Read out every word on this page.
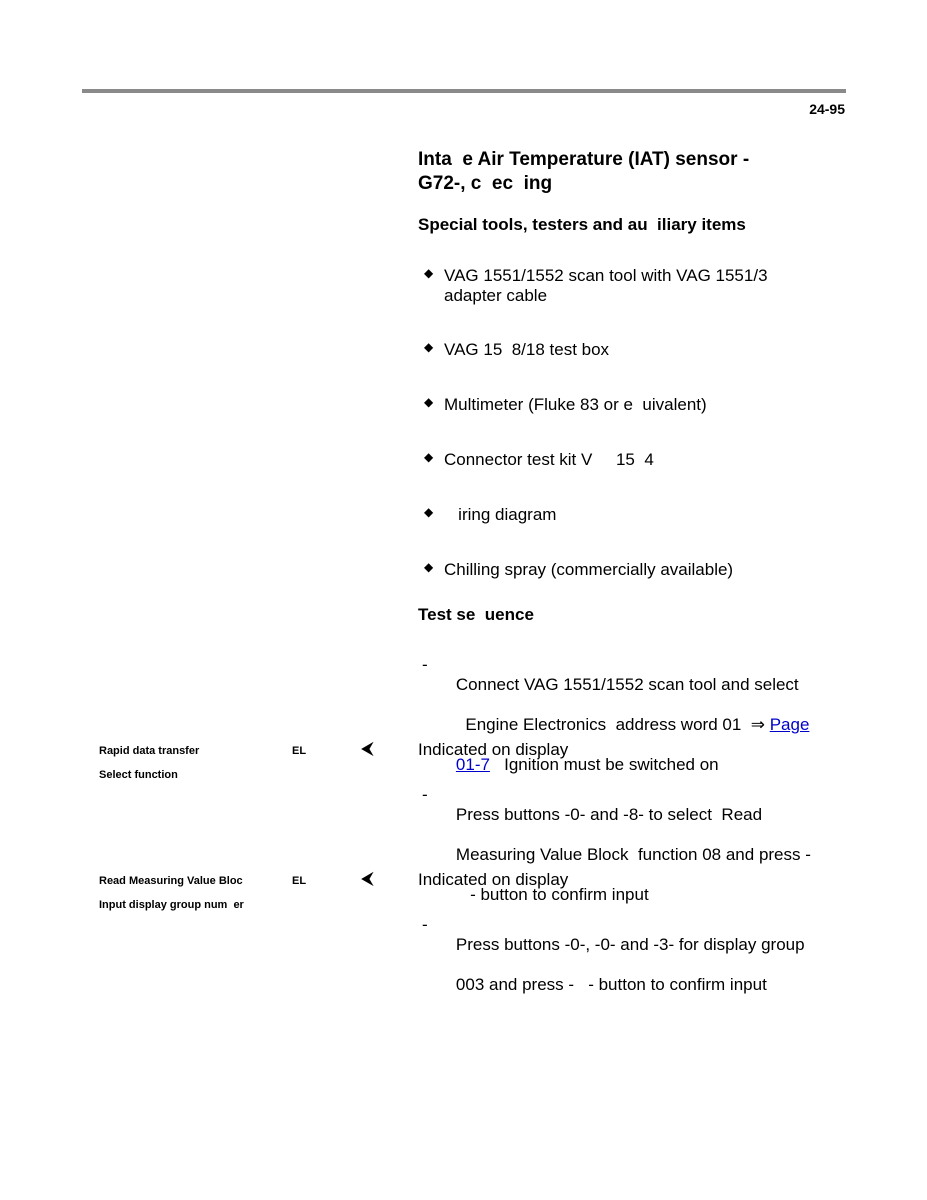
24-95
Inta  e Air Temperature (IAT) sensor -
G72-, c  ec  ing
Special tools, testers and au  iliary items
◆ VAG 1551/1552 scan tool with VAG 1551/3
adapter cable
◆ VAG 15  8/18 test box
◆ Multimeter (Fluke 83 or e  uivalent)
◆ Connector test kit V     15  4
◆ iring diagram
◆ Chilling spray (commercially available)
Test se  uence
-

Connect VAG 1551/1552 scan tool and select

Engine Electronics  address word 01  ⇒ Page

01-7   Ignition must be switched on

Indicated on display
-

Press buttons -0- and -8- to select  Read

Measuring Value Block  function 08 and press -

- button to confirm input

Indicated on display
-

Press buttons -0-, -0- and -3- for display group

003 and press -   - button to confirm input

Rapid data transfer	EL	⮜
Select function
Read Measuring Value Bloc	EL	⮜
Input display group num  er
